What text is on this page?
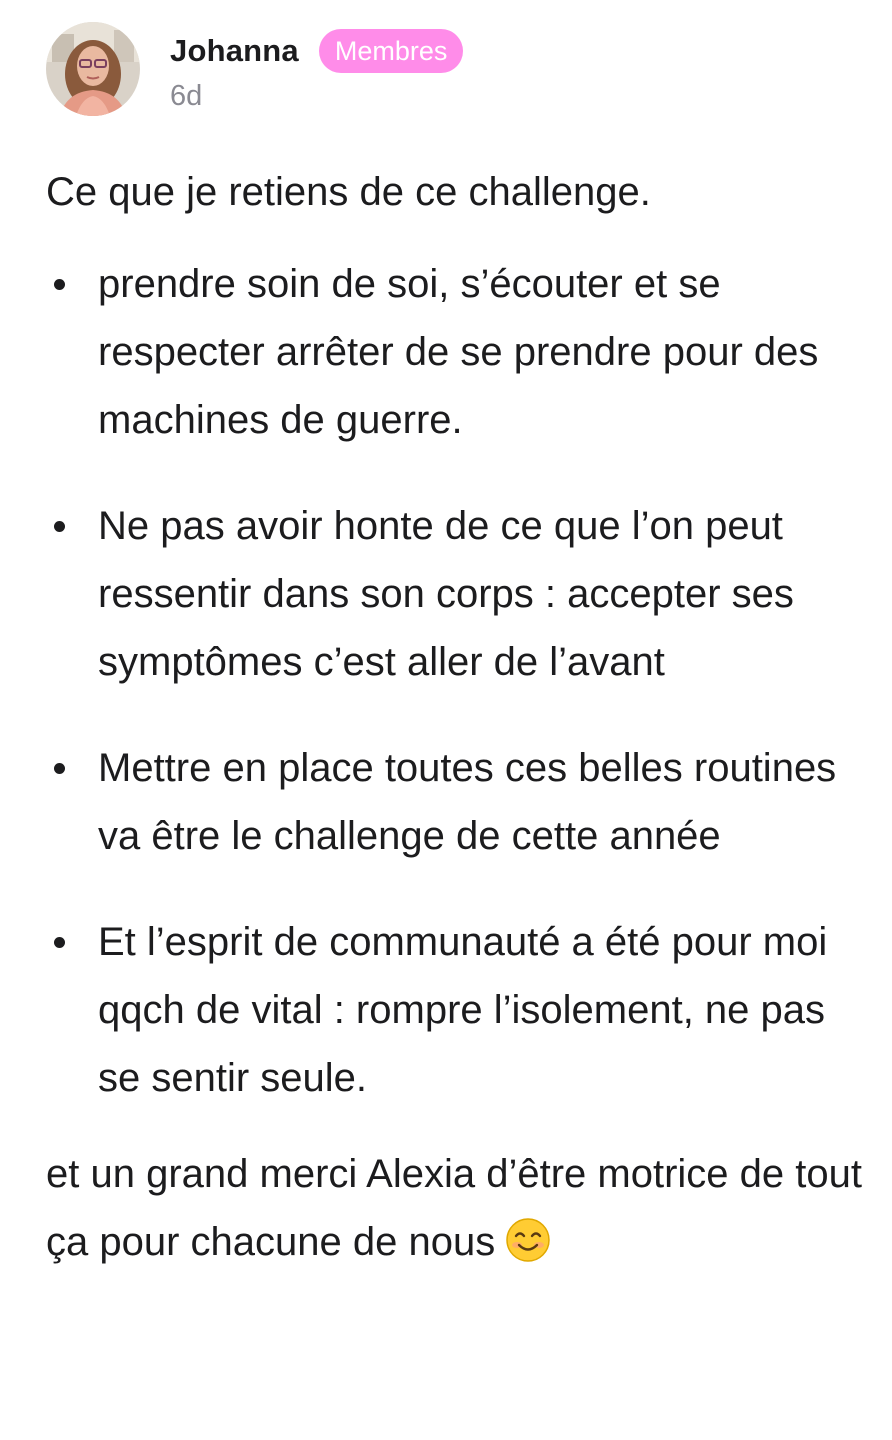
Johanna	Membres
6d

Ce que je retiens de ce challenge.

prendre soin de soi, s’écouter et se respecter arrêter de se prendre pour des machines de guerre.
Ne pas avoir honte de ce que l’on peut ressentir dans son corps : accepter ses symptômes c’est aller de l’avant
Mettre en place toutes ces belles routines va être le challenge de cette année
Et l’esprit de communauté a été pour moi qqch de vital : rompre l’isolement, ne pas se sentir seule.

et un grand merci Alexia d’être motrice de tout ça pour chacune de nous
